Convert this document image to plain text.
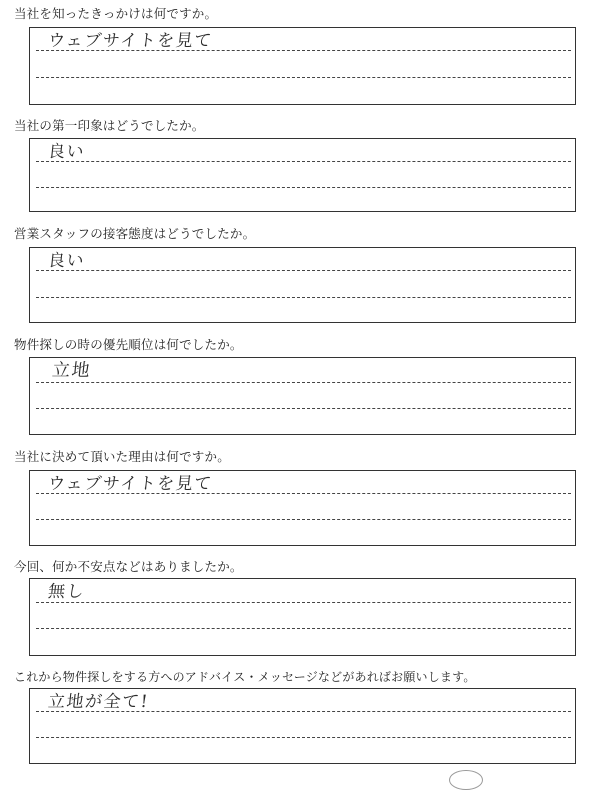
当社を知ったきっかけは何ですか。
ウェブサイトを見て
当社の第一印象はどうでしたか。
良い
営業スタッフの接客態度はどうでしたか。
良い
物件探しの時の優先順位は何でしたか。
立地
当社に決めて頂いた理由は何ですか。
ウェブサイトを見て
今回、何か不安点などはありましたか。
無し
これから物件探しをする方へのアドバイス・メッセージなどがあればお願いします。
立地が全て!
